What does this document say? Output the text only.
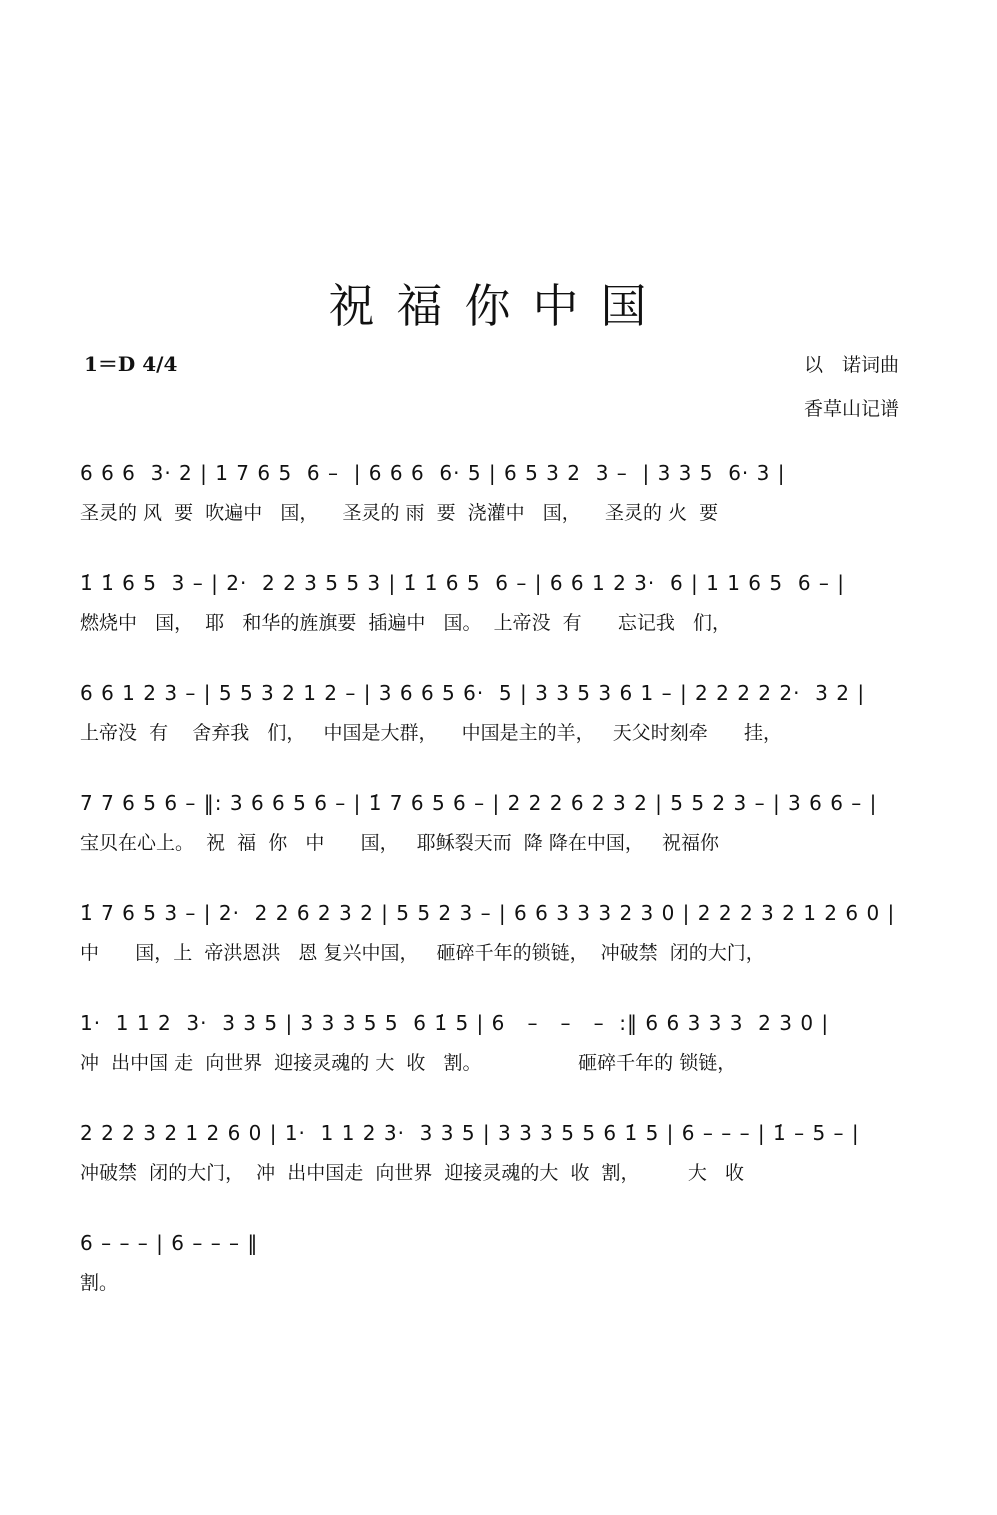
祝福你中国
1＝D 4/4	以　诺词曲
香草山记谱
6 6 6  3· 2 | 1 7 6 5  6 –  | 6 6 6  6· 5 | 6 5 3 2  3 –  | 3 3 5  6· 3 |
圣灵的 风  要  吹遍中   国，    圣灵的 雨  要  浇灌中   国，    圣灵的 火  要
1̇ 1̇ 6 5  3 – | 2·  2 2 3 5 5 3 | 1̇ 1̇ 6 5  6 – | 6 6 1 2 3·  6 | 1 1 6 5  6 – |
燃烧中   国，  耶   和华的旌旗要  插遍中   国。  上帝没  有      忘记我   们，
6 6 1 2 3 – | 5 5 3 2 1 2 – | 3 6 6 5 6·  5 | 3 3 5 3 6 1 – | 2 2 2 2 2·  3 2 |
上帝没  有    舍弃我   们，   中国是大群，    中国是主的羊，   天父时刻牵      挂，
7 7 6 5 6 – ‖: 3 6 6 5 6 – | 1̇ 7 6 5 6 – | 2 2 2 6 2 3 2 | 5 5 2 3 – | 3 6 6 – |
宝贝在心上。  祝  福  你   中      国，   耶稣裂天而  降 降在中国，   祝福你
1̇ 7 6 5 3 – | 2·  2 2 6 2 3 2 | 5 5 2 3 – | 6 6 3 3 3 2 3 0 | 2 2 2 3 2 1 2 6 0 |
中      国，上  帝洪恩洪   恩 复兴中国，   砸碎千年的锁链，  冲破禁  闭的大门，
1·  1 1 2  3·  3 3 5 | 3 3 3 5 5  6 1̇ 5 | 6   –   –   –  :‖ 6 6 3 3 3  2 3 0 |
冲  出中国 走  向世界  迎接灵魂的 大  收   割。                砸碎千年的 锁链，
2 2 2 3 2 1 2 6 0 | 1·  1 1 2 3·  3 3 5 | 3 3 3 5 5 6 1̇ 5 | 6 – – – | 1̇ – 5 – |
冲破禁  闭的大门，  冲  出中国走  向世界  迎接灵魂的大  收  割，        大   收
6 – – – | 6 – – – ‖
割。
